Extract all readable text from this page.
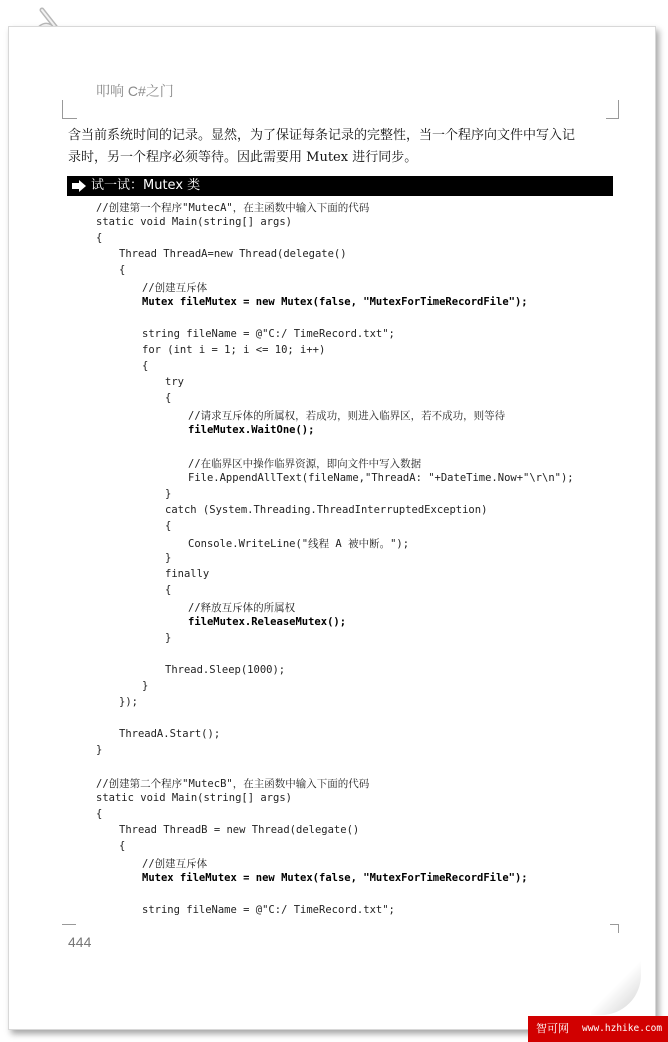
叩响 C#之门
含当前系统时间的记录。显然，为了保证每条记录的完整性，当一个程序向文件中写入记
录时，另一个程序必须等待。因此需要用 Mutex 进行同步。
试一试：Mutex 类
//创建第一个程序"MutecA"，在主函数中输入下面的代码
static void Main(string[] args)
{
Thread ThreadA=new Thread(delegate()
{
//创建互斥体
Mutex fileMutex = new Mutex(false, "MutexForTimeRecordFile");
string fileName = @"C:/ TimeRecord.txt";
for (int i = 1; i <= 10; i++)
{
try
{
//请求互斥体的所属权，若成功，则进入临界区，若不成功，则等待
fileMutex.WaitOne();
//在临界区中操作临界资源，即向文件中写入数据
File.AppendAllText(fileName,"ThreadA: "+DateTime.Now+"\r\n");
}
catch (System.Threading.ThreadInterruptedException)
{
Console.WriteLine("线程 A 被中断。");
}
finally
{
//释放互斥体的所属权
fileMutex.ReleaseMutex();
}
Thread.Sleep(1000);
}
});
ThreadA.Start();
}
//创建第二个程序"MutecB"，在主函数中输入下面的代码
static void Main(string[] args)
{
Thread ThreadB = new Thread(delegate()
{
//创建互斥体
Mutex fileMutex = new Mutex(false, "MutexForTimeRecordFile");
string fileName = @"C:/ TimeRecord.txt";
444
智可网 www.hzhike.com
